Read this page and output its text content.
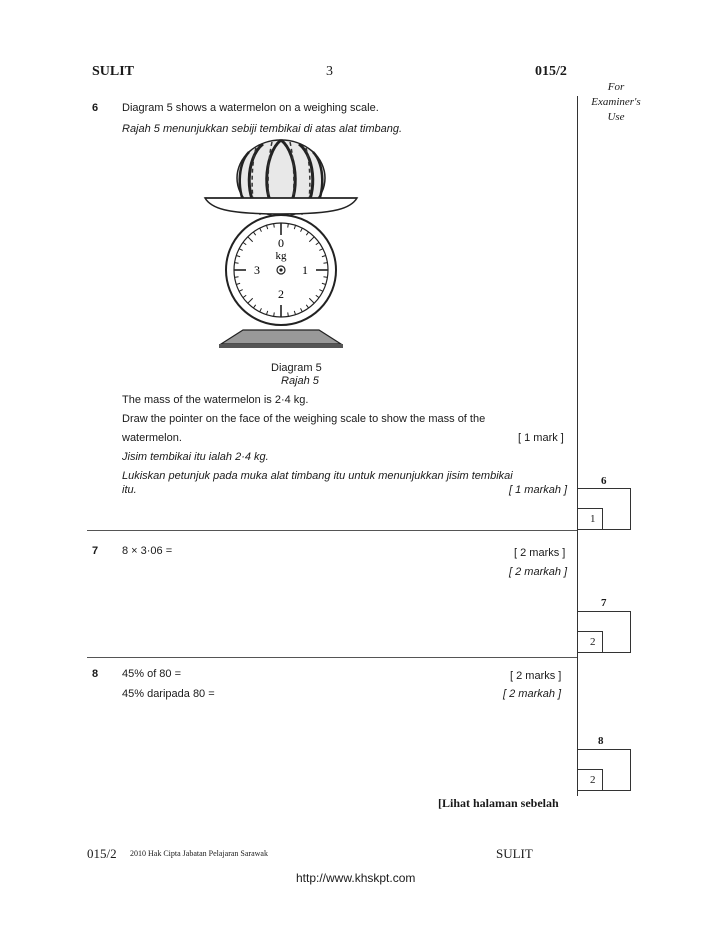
SULIT	3	015/2
For
Examiner's
Use
6 Diagram 5 shows a watermelon on a weighing scale.
Rajah 5 menunjukkan sebiji tembikai di atas alat timbang.
0
kg
1
2
3
Diagram 5
Rajah 5
The mass of the watermelon is 2·4 kg.
Draw the pointer on the face of the weighing scale to show the mass of the
watermelon.	[ 1 mark ]
Jisim tembikai itu ialah 2·4 kg.
Lukiskan petunjuk pada muka alat timbang itu untuk menunjukkan jisim tembikai
itu.	[ 1 markah ]
6
1
7 8 × 3·06 =	[ 2 marks ]
[ 2 markah ]
7
2
8 45% of 80 =
45% daripada 80 =
[ 2 marks ]
[ 2 markah ]
8
2
[Lihat halaman sebelah
015/2 2010 Hak Cipta Jabatan Pelajaran Sarawak	SULIT
http://www.khskpt.com
